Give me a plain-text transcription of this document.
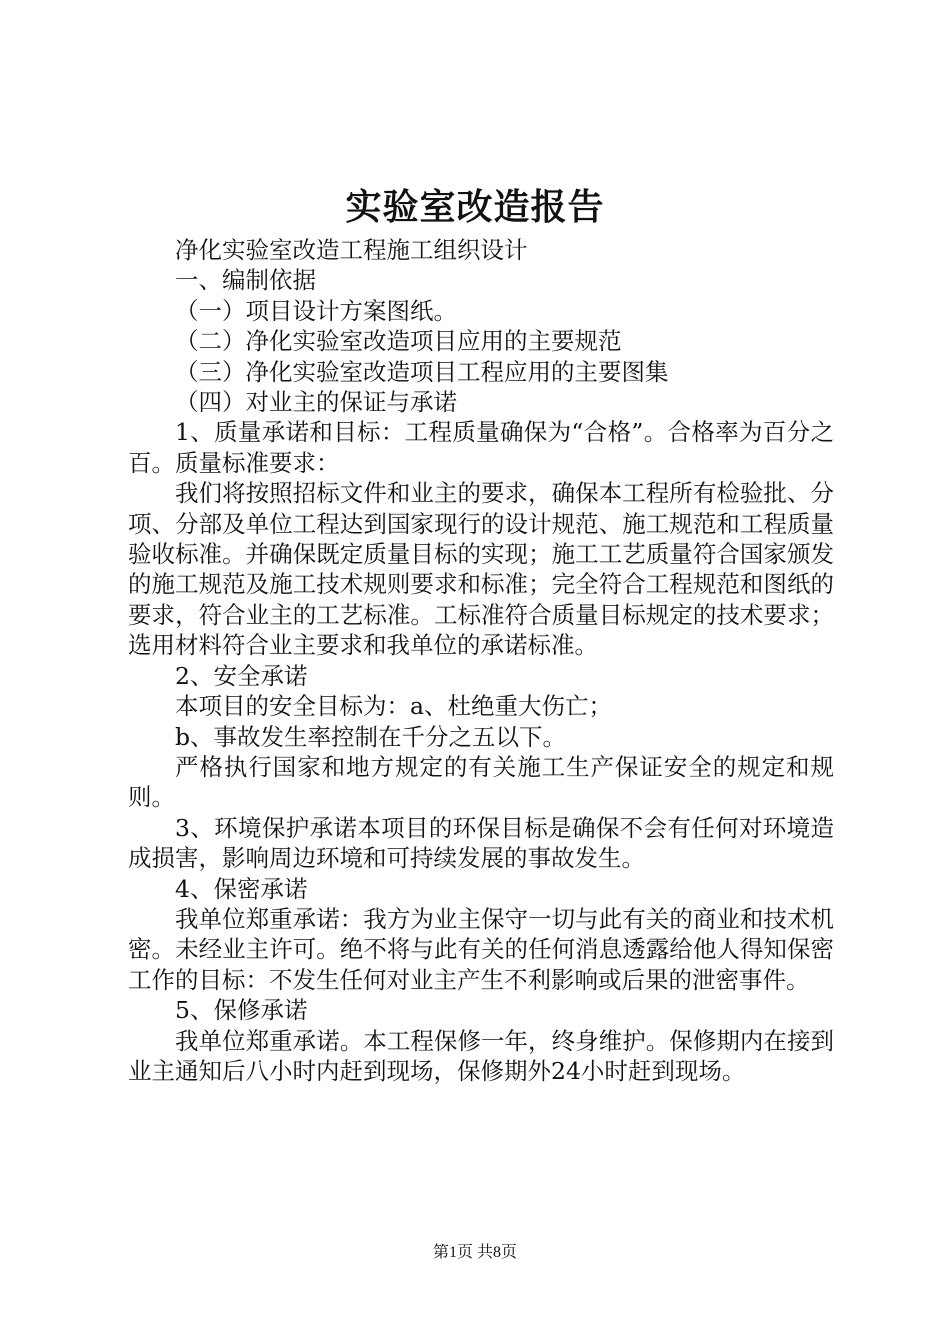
实验室改造报告

净化实验室改造工程施工组织设计

一、编制依据

（一）项目设计方案图纸。

（二）净化实验室改造项目应用的主要规范

（三）净化实验室改造项目工程应用的主要图集

（四）对业主的保证与承诺

1、质量承诺和目标：工程质量确保为“合格”。合格率为百分之百。质量标准要求：

我们将按照招标文件和业主的要求，确保本工程所有检验批、分项、分部及单位工程达到国家现行的设计规范、施工规范和工程质量验收标准。并确保既定质量目标的实现；施工工艺质量符合国家颁发的施工规范及施工技术规则要求和标准；完全符合工程规范和图纸的要求，符合业主的工艺标准。工标准符合质量目标规定的技术要求；选用材料符合业主要求和我单位的承诺标准。

2、安全承诺

本项目的安全目标为：a、杜绝重大伤亡；

b、事故发生率控制在千分之五以下。

严格执行国家和地方规定的有关施工生产保证安全的规定和规则。

3、环境保护承诺本项目的环保目标是确保不会有任何对环境造成损害，影响周边环境和可持续发展的事故发生。

4、保密承诺

我单位郑重承诺：我方为业主保守一切与此有关的商业和技术机密。未经业主许可。绝不将与此有关的任何消息透露给他人得知保密工作的目标：不发生任何对业主产生不利影响或后果的泄密事件。

5、保修承诺

我单位郑重承诺。本工程保修一年，终身维护。保修期内在接到业主通知后八小时内赶到现场，保修期外24小时赶到现场。

第1页 共8页
